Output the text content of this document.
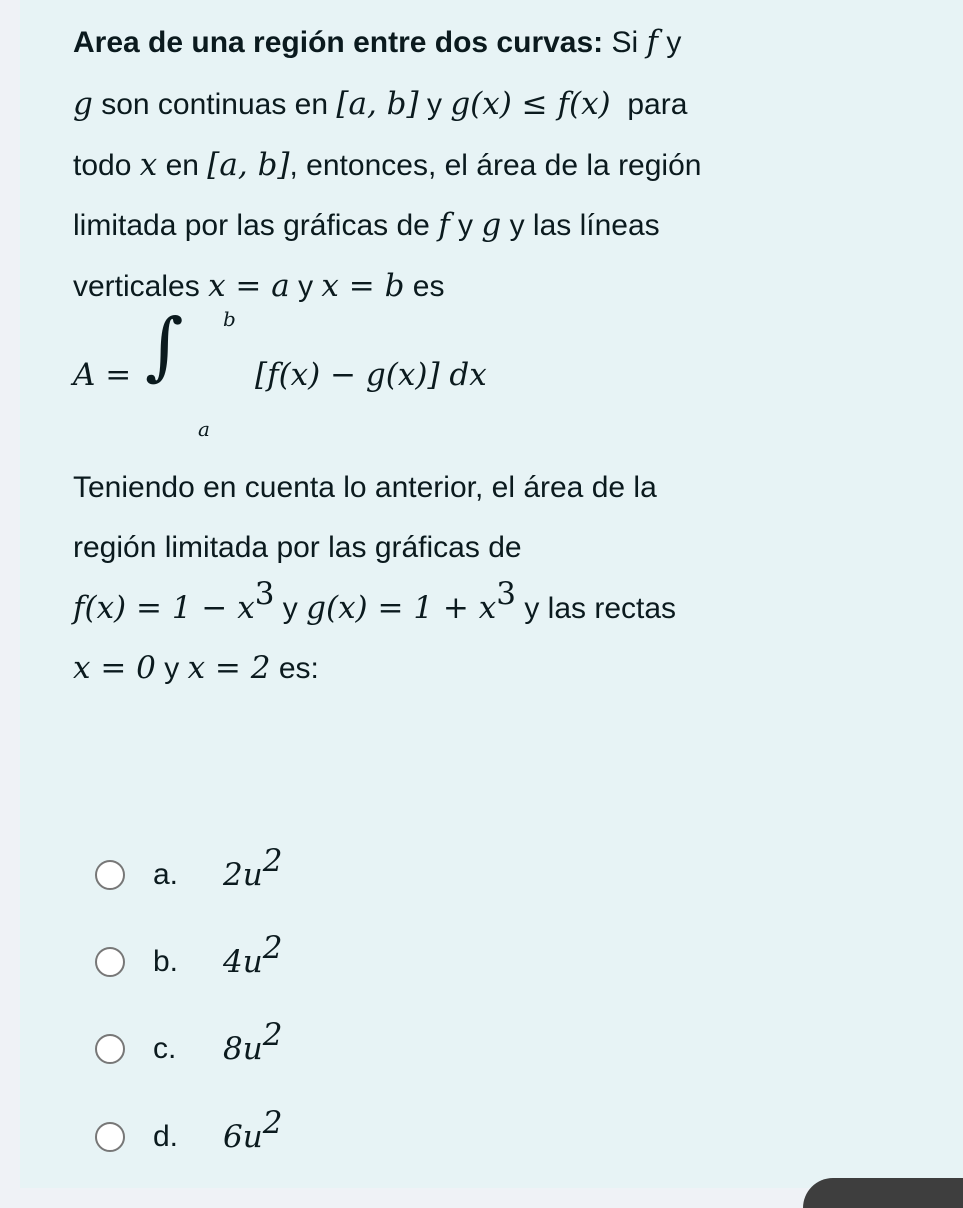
Area de una región entre dos curvas: Si f y
g son continuas en [a, b] y g(x) ≤ f(x) para
todo x en [a, b], entonces, el área de la región
limitada por las gráficas de f y g y las líneas
verticales x = a y x = b es
A = ∫ b
a
[f(x) − g(x)] dx
Teniendo en cuenta lo anterior, el área de la
región limitada por las gráficas de
$f(x) = 1 - x^3$ y $g(x) = 1 + x^3$ y las rectas
x = 0 y x = 2 es:
a.	$2u^2$
b.	$4u^2$
c.	$8u^2$
d.	$6u^2$
